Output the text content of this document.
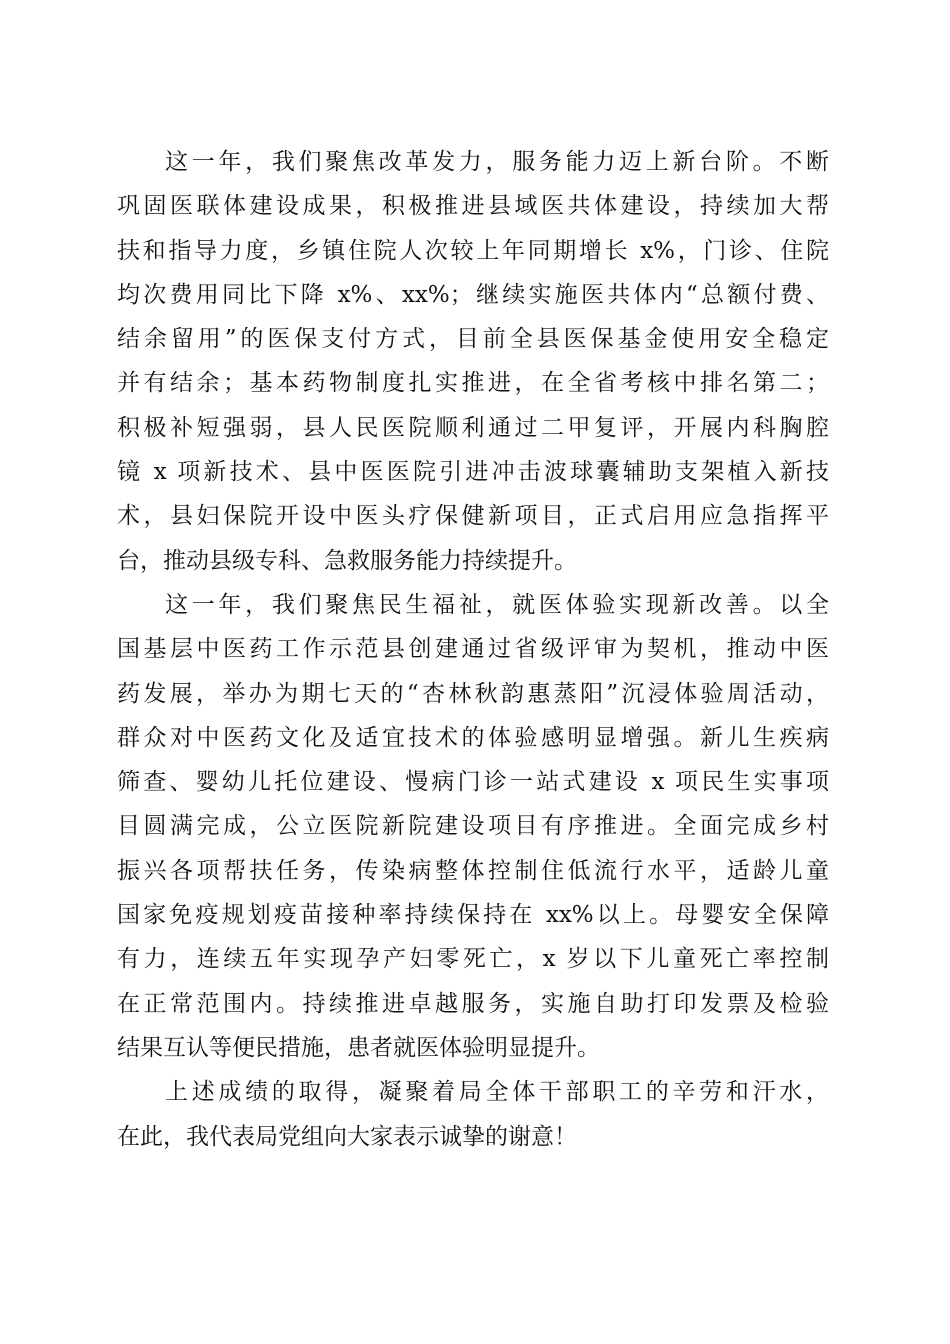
这一年，我们聚焦改革发力，服务能力迈上新台阶。不断
巩固医联体建设成果，积极推进县域医共体建设，持续加大帮
扶和指导力度，乡镇住院人次较上年同期增长 x%，门诊、住院
均次费用同比下降 x%、xx%；继续实施医共体内“总额付费、
结余留用”的医保支付方式，目前全县医保基金使用安全稳定
并有结余；基本药物制度扎实推进，在全省考核中排名第二；
积极补短强弱，县人民医院顺利通过二甲复评，开展内科胸腔
镜 x 项新技术、县中医医院引进冲击波球囊辅助支架植入新技
术，县妇保院开设中医头疗保健新项目，正式启用应急指挥平
台，推动县级专科、急救服务能力持续提升。
这一年，我们聚焦民生福祉，就医体验实现新改善。以全
国基层中医药工作示范县创建通过省级评审为契机，推动中医
药发展，举办为期七天的“杏林秋韵惠蒸阳”沉浸体验周活动，
群众对中医药文化及适宜技术的体验感明显增强。新儿生疾病
筛查、婴幼儿托位建设、慢病门诊一站式建设 x 项民生实事项
目圆满完成，公立医院新院建设项目有序推进。全面完成乡村
振兴各项帮扶任务，传染病整体控制住低流行水平，适龄儿童
国家免疫规划疫苗接种率持续保持在 xx%以上。母婴安全保障
有力，连续五年实现孕产妇零死亡，x 岁以下儿童死亡率控制
在正常范围内。持续推进卓越服务，实施自助打印发票及检验
结果互认等便民措施，患者就医体验明显提升。
上述成绩的取得，凝聚着局全体干部职工的辛劳和汗水，
在此，我代表局党组向大家表示诚挚的谢意！
